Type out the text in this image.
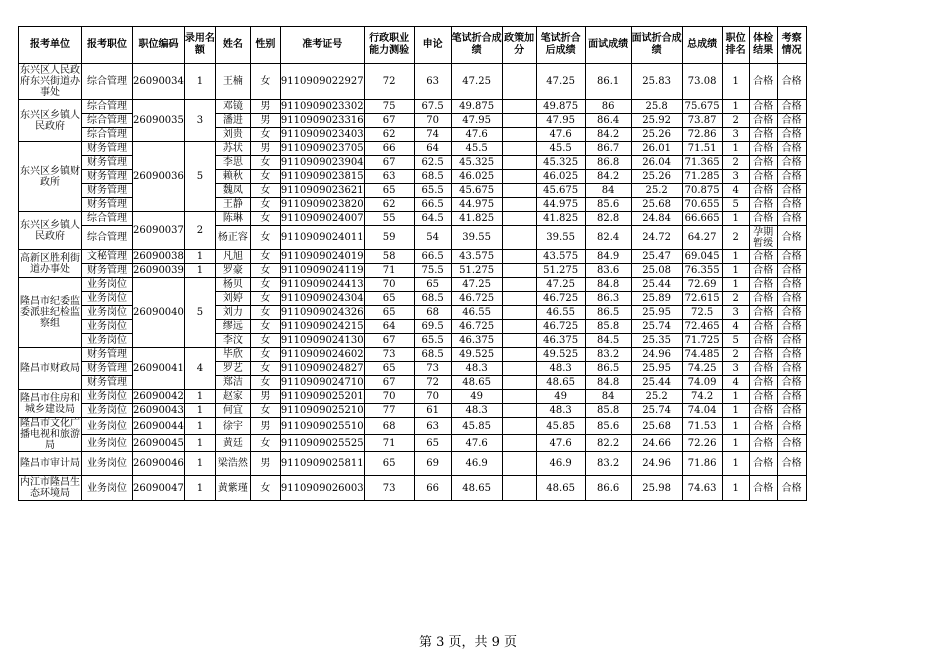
报考单位	报考职位	职位编码	录用名额	姓名	性别	准考证号	行政职业能力测验	申论	笔试折合成绩	政策加分	笔试折合后成绩	面试成绩	面试折合成绩	总成绩	职位排名	体检结果	考察情况
东兴区人民政府东兴街道办事处	综合管理	26090034	1	王楠	女	9110909022927	72	63	47.25		47.25	86.1	25.83	73.08	1	合格	合格
东兴区乡镇人民政府	综合管理	26090035	3	邓镜	男	9110909023302	75	67.5	49.875		49.875	86	25.8	75.675	1	合格	合格
	综合管理			潘进	男	9110909023316	67	70	47.95		47.95	86.4	25.92	73.87	2	合格	合格
	综合管理			刘贵	女	9110909023403	62	74	47.6		47.6	84.2	25.26	72.86	3	合格	合格
东兴区乡镇财政所	财务管理	26090036	5	苏状	男	9110909023705	66	64	45.5		45.5	86.7	26.01	71.51	1	合格	合格
	财务管理			李思	女	9110909023904	67	62.5	45.325		45.325	86.8	26.04	71.365	2	合格	合格
	财务管理			赖秋	女	9110909023815	63	68.5	46.025		46.025	84.2	25.26	71.285	3	合格	合格
	财务管理			魏凤	女	9110909023621	65	65.5	45.675		45.675	84	25.2	70.875	4	合格	合格
	财务管理			王静	女	9110909023820	62	66.5	44.975		44.975	85.6	25.68	70.655	5	合格	合格
东兴区乡镇人民政府	综合管理	26090037	2	陈琳	女	9110909024007	55	64.5	41.825		41.825	82.8	24.84	66.665	1	合格	合格
	综合管理			杨正容	女	9110909024011	59	54	39.55		39.55	82.4	24.72	64.27	2	孕期暂缓	合格
高新区胜利街道办事处	文秘管理	26090038	1	凡旭	女	9110909024019	58	66.5	43.575		43.575	84.9	25.47	69.045	1	合格	合格
	财务管理	26090039	1	罗豪	女	9110909024119	71	75.5	51.275		51.275	83.6	25.08	76.355	1	合格	合格
隆昌市纪委监委派驻纪检监察组	业务岗位	26090040	5	杨贝	女	9110909024413	70	65	47.25		47.25	84.8	25.44	72.69	1	合格	合格
	业务岗位			刘婷	女	9110909024304	65	68.5	46.725		46.725	86.3	25.89	72.615	2	合格	合格
	业务岗位			刘力	女	9110909024326	65	68	46.55		46.55	86.5	25.95	72.5	3	合格	合格
	业务岗位			缪远	女	9110909024215	64	69.5	46.725		46.725	85.8	25.74	72.465	4	合格	合格
	业务岗位			李汶	女	9110909024130	67	65.5	46.375		46.375	84.5	25.35	71.725	5	合格	合格
隆昌市财政局	财务管理	26090041	4	毕欣	女	9110909024602	73	68.5	49.525		49.525	83.2	24.96	74.485	2	合格	合格
	财务管理			罗艺	女	9110909024827	65	73	48.3		48.3	86.5	25.95	74.25	3	合格	合格
	财务管理			郑洁	女	9110909024710	67	72	48.65		48.65	84.8	25.44	74.09	4	合格	合格
隆昌市住房和城乡建设局	业务岗位	26090042	1	赵家	男	9110909025201	70	70	49		49	84	25.2	74.2	1	合格	合格
	业务岗位	26090043	1	何宜	女	9110909025210	77	61	48.3		48.3	85.8	25.74	74.04	1	合格	合格
隆昌市文化广播电视和旅游局	业务岗位	26090044	1	徐宇	男	9110909025510	68	63	45.85		45.85	85.6	25.68	71.53	1	合格	合格
	业务岗位	26090045	1	黄廷	女	9110909025525	71	65	47.6		47.6	82.2	24.66	72.26	1	合格	合格
隆昌市审计局	业务岗位	26090046	1	梁浩然	男	9110909025811	65	69	46.9		46.9	83.2	24.96	71.86	1	合格	合格
内江市隆昌生态环境局	业务岗位	26090047	1	黄紫瑾	女	9110909026003	73	66	48.65		48.65	86.6	25.98	74.63	1	合格	合格
第 3 页，共 9 页
